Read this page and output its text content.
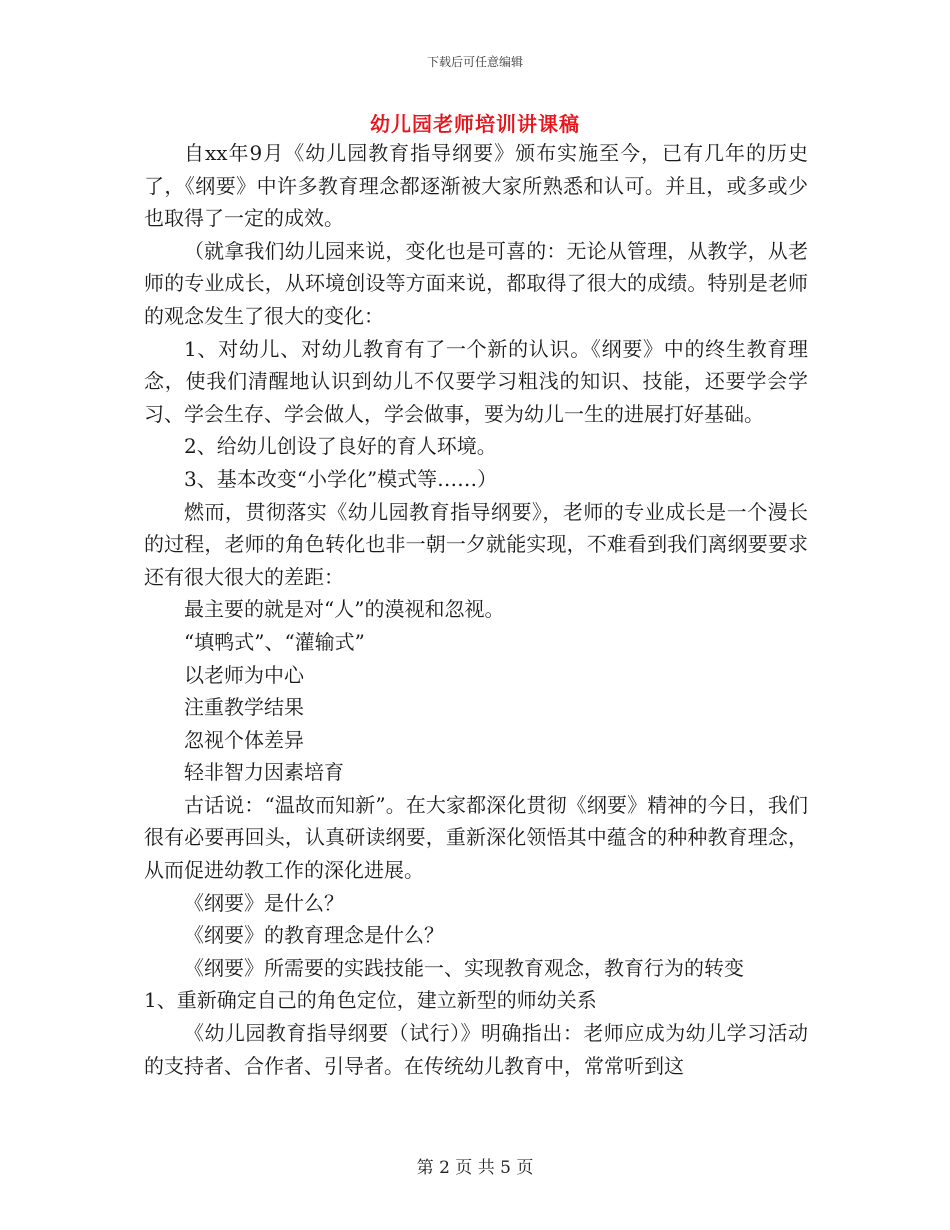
下载后可任意编辑
幼儿园老师培训讲课稿

自xx年9月《幼儿园教育指导纲要》颁布实施至今，已有几年的历史了，《纲要》中许多教育理念都逐渐被大家所熟悉和认可。并且，或多或少也取得了一定的成效。

（就拿我们幼儿园来说，变化也是可喜的：无论从管理，从教学，从老师的专业成长，从环境创设等方面来说，都取得了很大的成绩。特别是老师的观念发生了很大的变化：

1、对幼儿、对幼儿教育有了一个新的认识。《纲要》中的终生教育理念，使我们清醒地认识到幼儿不仅要学习粗浅的知识、技能，还要学会学习、学会生存、学会做人，学会做事，要为幼儿一生的进展打好基础。

2、给幼儿创设了良好的育人环境。

3、基本改变“小学化”模式等……）

燃而，贯彻落实《幼儿园教育指导纲要》，老师的专业成长是一个漫长的过程，老师的角色转化也非一朝一夕就能实现，不难看到我们离纲要要求还有很大很大的差距：

最主要的就是对“人”的漠视和忽视。

“填鸭式”、“灌输式”

以老师为中心

注重教学结果

忽视个体差异

轻非智力因素培育

古话说：“温故而知新”。在大家都深化贯彻《纲要》精神的今日，我们很有必要再回头，认真研读纲要，重新深化领悟其中蕴含的种种教育理念，从而促进幼教工作的深化进展。

《纲要》是什么？

《纲要》的教育理念是什么？

《纲要》所需要的实践技能一、实现教育观念，教育行为的转变

1、重新确定自己的角色定位，建立新型的师幼关系

《幼儿园教育指导纲要（试行）》明确指出：老师应成为幼儿学习活动的支持者、合作者、引导者。在传统幼儿教育中，常常听到这

第 2 页 共 5 页
